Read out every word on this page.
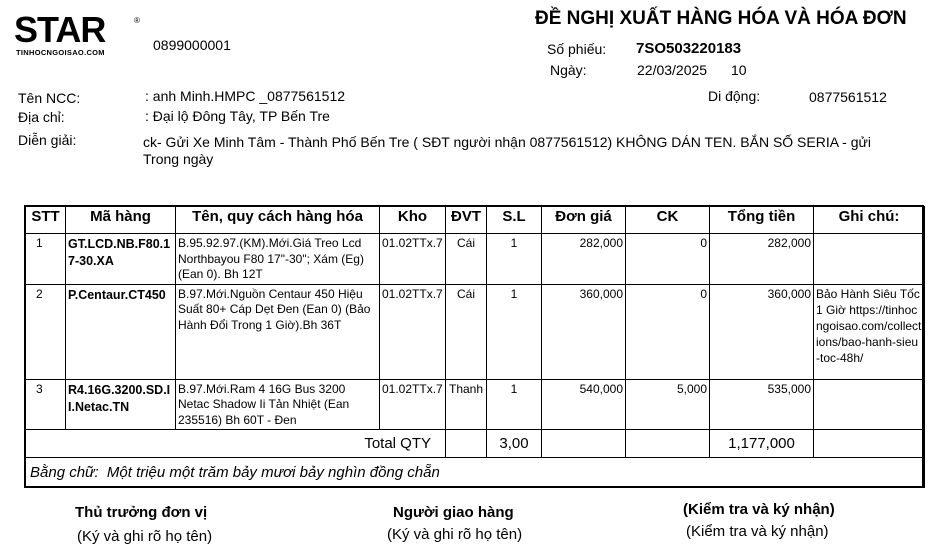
STAR	®
TINHOCNGOISAO.COM	0899000001
ĐỀ NGHỊ XUẤT HÀNG HÓA VÀ HÓA ĐƠN
Số phiếu: 7SO503220183
Ngày:	22/03/2025 10
Tên NCC:	: anh Minh.HMPC _0877561512	Di động:	0877561512
Địa chỉ:	: Đại lộ Đông Tây, TP Bến Tre
Diễn giải:	ck- Gửi Xe Minh Tâm - Thành Phố Bến Tre ( SĐT người nhận 0877561512) KHÔNG DÁN TEN. BẮN SỐ SERIA - gửi
Trong ngày
STT	Mã hàng	Tên, quy cách hàng hóa	Kho	ĐVT	S.L	Đơn giá	CK	Tổng tiền	Ghi chú:

1	GT.LCD.NB.F80.17-30.XA	B.95.92.97.(KM).Mới.Giá Treo Lcd Northbayou F80 17"-30"; Xám (Eg) (Ean 0). Bh 12T	01.02TTx.7	Cái	1	282,000	0	282,000	

2	P.Centaur.CT450	B.97.Mới.Nguồn Centaur 450 Hiệu Suất 80+ Cáp Dẹt Đen (Ean 0) (Bảo Hành Đổi Trong 1 Giờ).Bh 36T	01.02TTx.7	Cái	1	360,000	0	360,000	Bảo Hành Siêu Tốc 1 Giờ https://tinhocngoisao.com/collections/bao-hanh-sieu-toc-48h/

3	R4.16G.3200.SD.II.Netac.TN	B.97.Mới.Ram 4 16G Bus 3200 Netac Shadow Ii Tản Nhiệt (Ean 235516) Bh 60T - Đen	01.02TTx.7	Thanh	1	540,000	5,000	535,000	

Total QTY					3,00			1,177,000	
Bằng chữ: Một triệu một trăm bảy mươi bảy nghìn đồng chẵn									
Thủ trưởng đơn vị
(Ký và ghi rõ họ tên)
Người giao hàng
(Ký và ghi rõ họ tên)
(Kiểm tra và ký nhận)
(Kiểm tra và ký nhận)
